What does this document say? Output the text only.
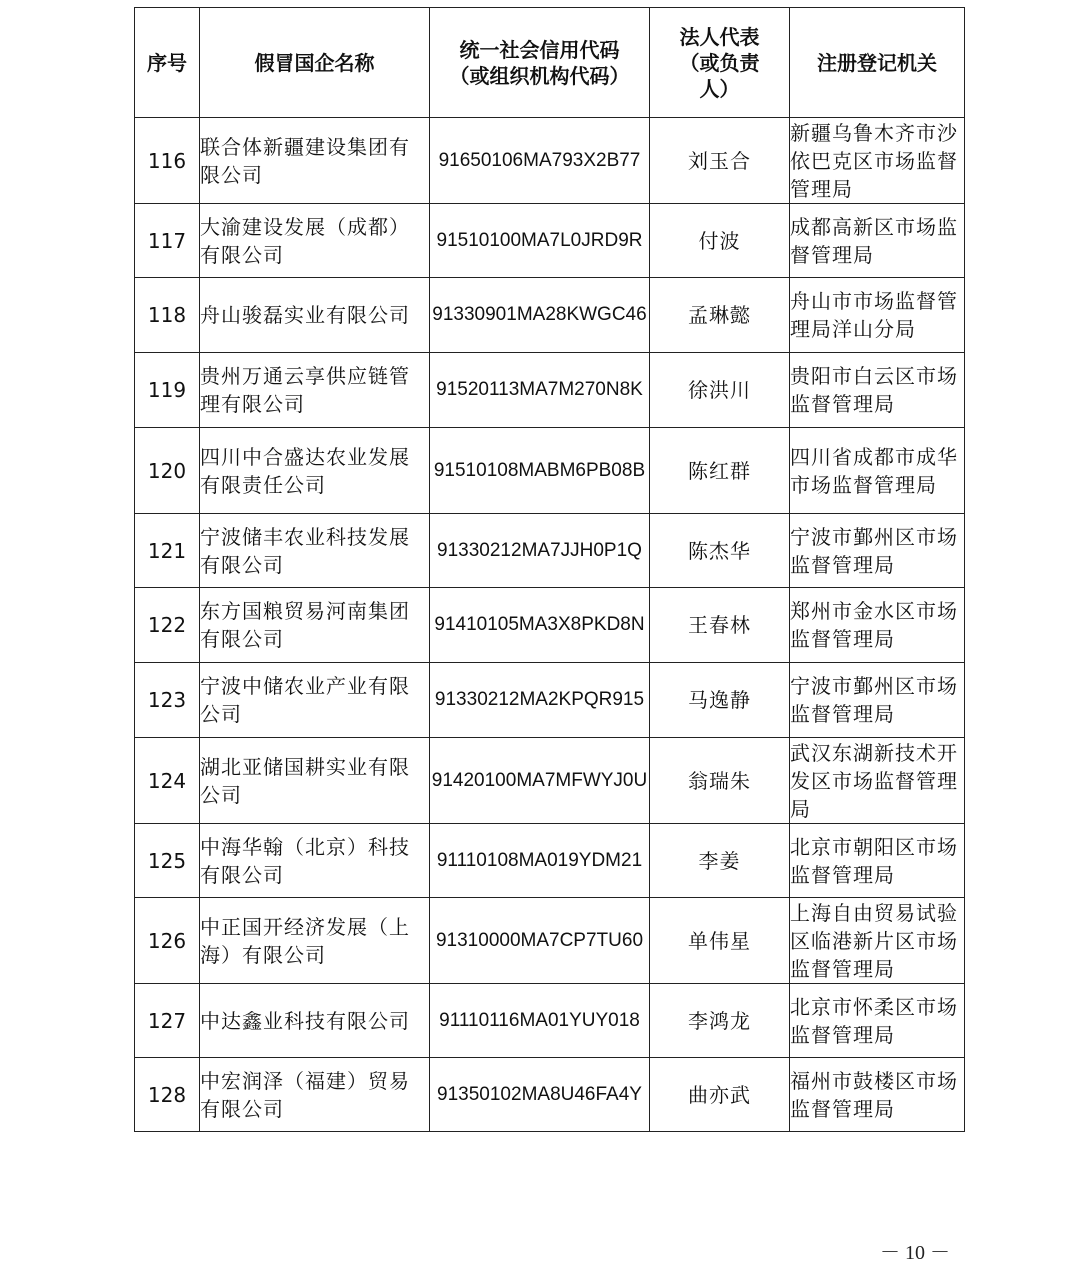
序号	假冒国企名称	统一社会信用代码（或组织机构代码）	法人代表（或负责人）	注册登记机关
116	联合体新疆建设集团有限公司	91650106MA793X2B77	刘玉合	新疆乌鲁木齐市沙依巴克区市场监督管理局
117	大渝建设发展（成都）有限公司	91510100MA7L0JRD9R	付波	成都高新区市场监督管理局
118	舟山骏磊实业有限公司	91330901MA28KWGC46	孟琳懿	舟山市市场监督管理局洋山分局
119	贵州万通云享供应链管理有限公司	91520113MA7M270N8K	徐洪川	贵阳市白云区市场监督管理局
120	四川中合盛达农业发展有限责任公司	91510108MABM6PB08B	陈红群	四川省成都市成华市场监督管理局
121	宁波储丰农业科技发展有限公司	91330212MA7JJH0P1Q	陈杰华	宁波市鄞州区市场监督管理局
122	东方国粮贸易河南集团有限公司	91410105MA3X8PKD8N	王春林	郑州市金水区市场监督管理局
123	宁波中储农业产业有限公司	91330212MA2KPQR915	马逸静	宁波市鄞州区市场监督管理局
124	湖北亚储国耕实业有限公司	91420100MA7MFWYJ0U	翁瑞朱	武汉东湖新技术开发区市场监督管理局
125	中海华翰（北京）科技有限公司	91110108MA019YDM21	李姜	北京市朝阳区市场监督管理局
126	中正国开经济发展（上海）有限公司	91310000MA7CP7TU60	单伟星	上海自由贸易试验区临港新片区市场监督管理局
127	中达鑫业科技有限公司	91110116MA01YUY018	李鸿龙	北京市怀柔区市场监督管理局
128	中宏润泽（福建）贸易有限公司	91350102MA8U46FA4Y	曲亦武	福州市鼓楼区市场监督管理局
－ 10 －
